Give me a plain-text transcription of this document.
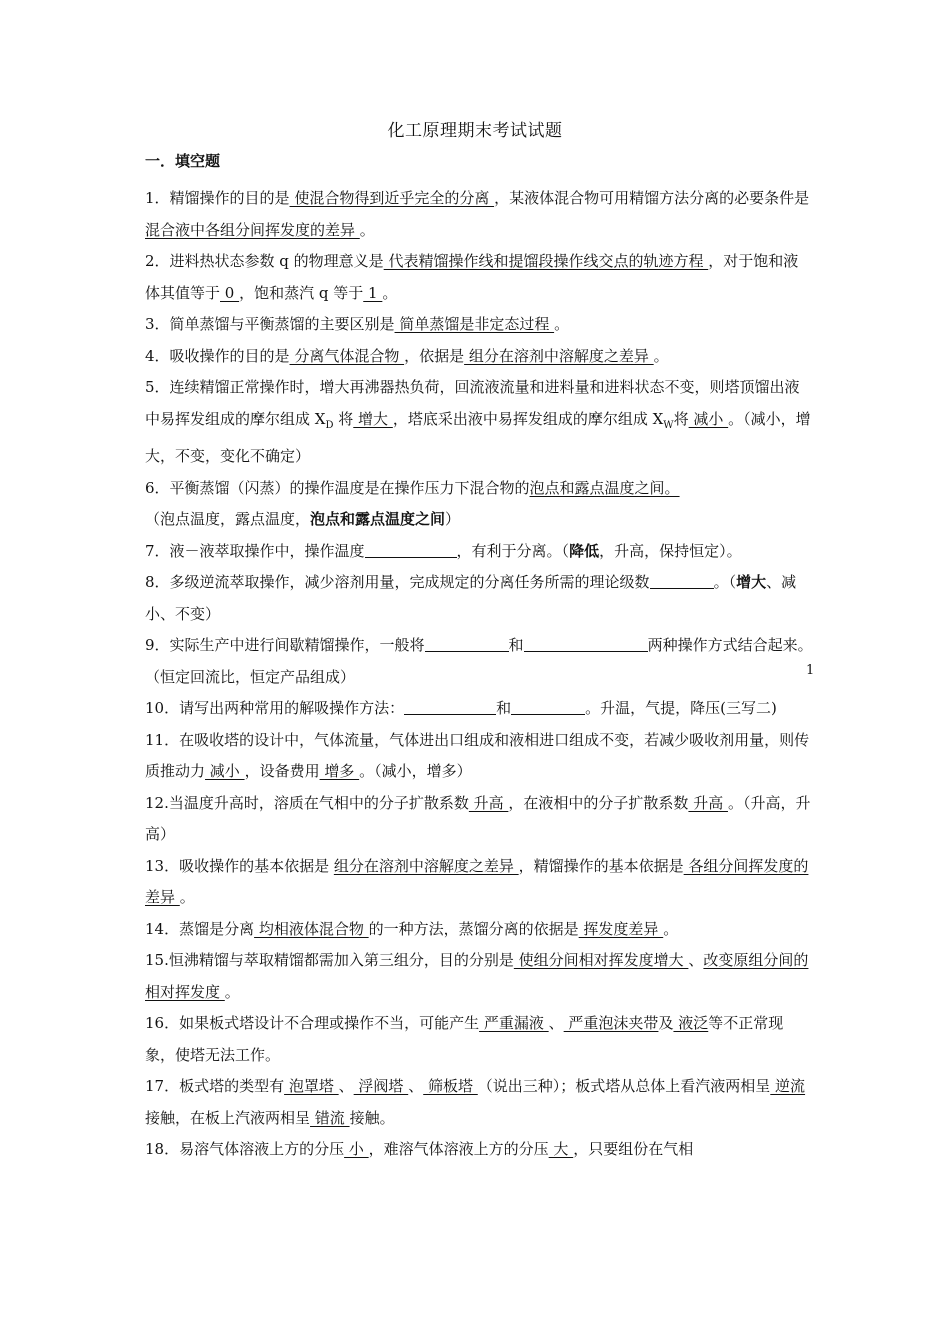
化工原理期末考试试题
一．填空题

1．精馏操作的目的是 使混合物得到近乎完全的分离 ，某液体混合物可用精馏方法分离的必要条件是 混合液中各组分间挥发度的差异 。

2．进料热状态参数 q 的物理意义是 代表精馏操作线和提馏段操作线交点的轨迹方程 ，对于饱和液体其值等于 0 ，饱和蒸汽 q 等于 1 。

3．简单蒸馏与平衡蒸馏的主要区别是 简单蒸馏是非定态过程 。

4．吸收操作的目的是 分离气体混合物 ，依据是 组分在溶剂中溶解度之差异 。

5．连续精馏正常操作时，增大再沸器热负荷，回流液流量和进料量和进料状态不变，则塔顶馏出液中易挥发组成的摩尔组成 $X_D$ 将 增大 ，塔底采出液中易挥发组成的摩尔组成 $X_W$将 减小 。（减小，增大，不变，变化不确定）

6．平衡蒸馏（闪蒸）的操作温度是在操作压力下混合物的泡点和露点温度之间。
（泡点温度，露点温度，泡点和露点温度之间）

7．液－液萃取操作中，操作温度	，有利于分离。（降低，升高，保持恒定）。

8．多级逆流萃取操作，减少溶剂用量，完成规定的分离任务所需的理论级数	。（增大、减小、不变）

9．实际生产中进行间歇精馏操作，一般将	和	两种操作方式结合起来。（恒定回流比，恒定产品组成）

10．请写出两种常用的解吸操作方法：	和	。升温，气提，降压(三写二)

11．在吸收塔的设计中，气体流量，气体进出口组成和液相进口组成不变，若减少吸收剂用量，则传质推动力 减小 ，设备费用 增多 。（减小，增多）

12.当温度升高时，溶质在气相中的分子扩散系数 升高 ，在液相中的分子扩散系数 升高 。（升高，升高）

13．吸收操作的基本依据是 组分在溶剂中溶解度之差异 ，精馏操作的基本依据是 各组分间挥发度的差异 。

14．蒸馏是分离 均相液体混合物 的一种方法，蒸馏分离的依据是 挥发度差异 。

15.恒沸精馏与萃取精馏都需加入第三组分，目的分别是 使组分间相对挥发度增大 、改变原组分间的相对挥发度 。

16．如果板式塔设计不合理或操作不当，可能产生 严重漏液 、 严重泡沫夹带及 液泛等不正常现象，使塔无法工作。

17．板式塔的类型有 泡罩塔 、 浮阀塔 、 筛板塔 （说出三种）；板式塔从总体上看汽液两相呈 逆流 接触，在板上汽液两相呈 错流 接触。

18．易溶气体溶液上方的分压 小 ，难溶气体溶液上方的分压 大 ，只要组份在气相

1
